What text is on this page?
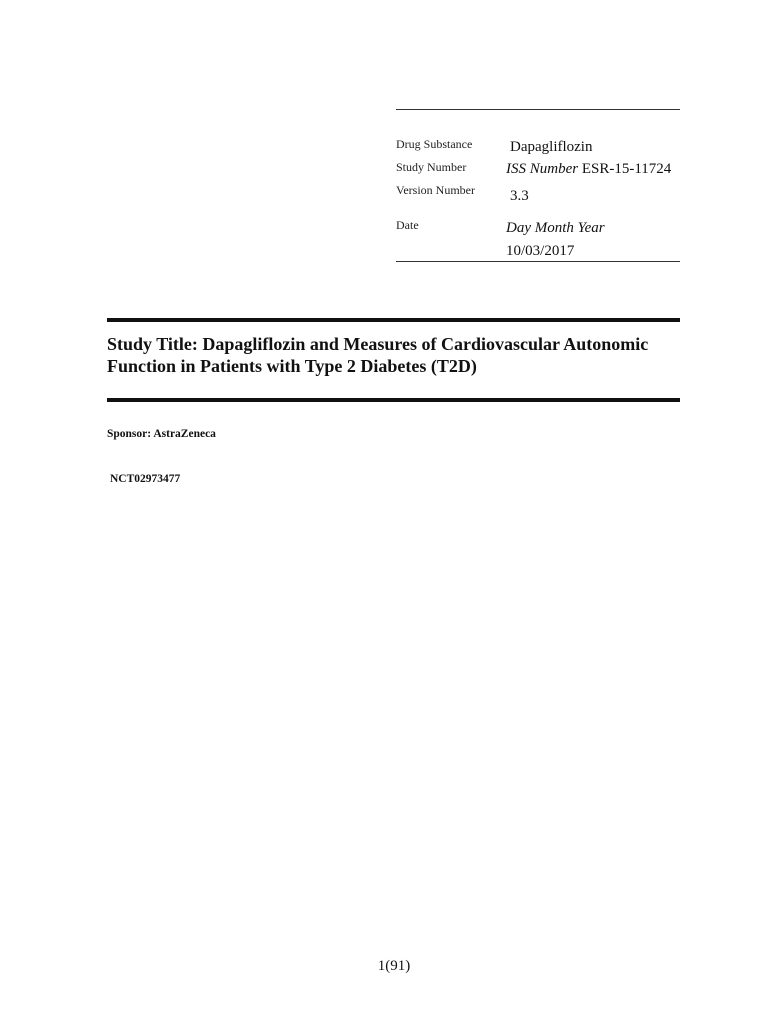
Drug Substance	Dapagliflozin
Study Number	ISS Number ESR-15-11724
Version Number 3.3
Date	Day Month Year
10/03/2017
Study Title: Dapagliflozin and Measures of Cardiovascular Autonomic Function in Patients with Type 2 Diabetes (T2D)
Sponsor: AstraZeneca
NCT02973477
1(91)
